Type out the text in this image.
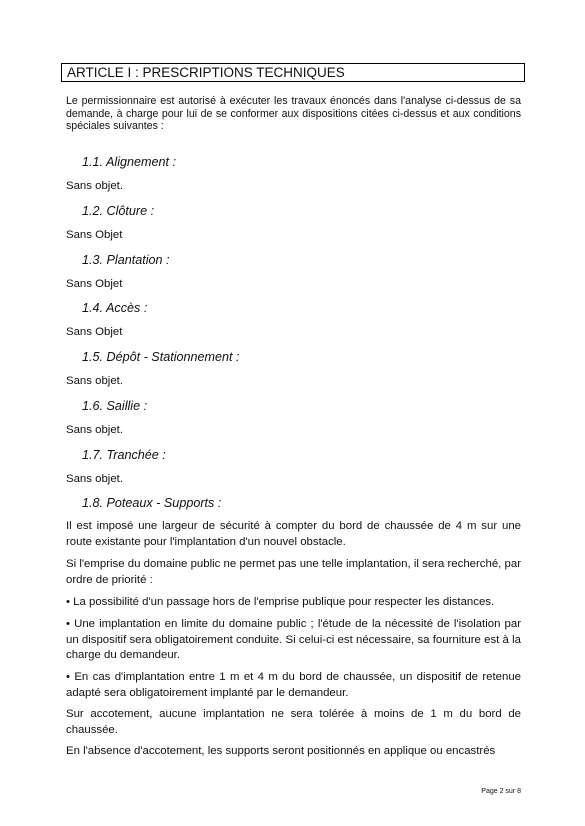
ARTICLE I : PRESCRIPTIONS TECHNIQUES
Le permissionnaire est autorisé à exécuter les travaux énoncés dans l'analyse ci-dessus de sa demande, à charge pour lui de se conformer aux dispositions citées ci-dessus et aux conditions spéciales suivantes :
1.1. Alignement :
Sans objet.
1.2. Clôture :
Sans Objet
1.3. Plantation :
Sans Objet
1.4. Accès :
Sans Objet
1.5. Dépôt - Stationnement :
Sans objet.
1.6. Saillie :
Sans objet.
1.7. Tranchée :
Sans objet.
1.8. Poteaux - Supports :
Il est imposé une largeur de sécurité à compter du bord de chaussée de 4 m sur une route existante pour l'implantation d'un nouvel obstacle.
Si l'emprise du domaine public ne permet pas une telle implantation, il sera recherché, par ordre de priorité :
• La possibilité d'un passage hors de l'emprise publique pour respecter les distances.
• Une implantation en limite du domaine public ; l'étude de la nécessité de l'isolation par un dispositif sera obligatoirement conduite. Si celui-ci est nécessaire, sa fourniture est à la charge du demandeur.
• En cas d'implantation entre 1 m et 4 m du bord de chaussée, un dispositif de retenue adapté sera obligatoirement implanté par le demandeur.
Sur accotement, aucune implantation ne sera tolérée à moins de 1 m du bord de chaussée.
En l'absence d'accotement, les supports seront positionnés en applique ou encastrés
Page 2 sur 8
